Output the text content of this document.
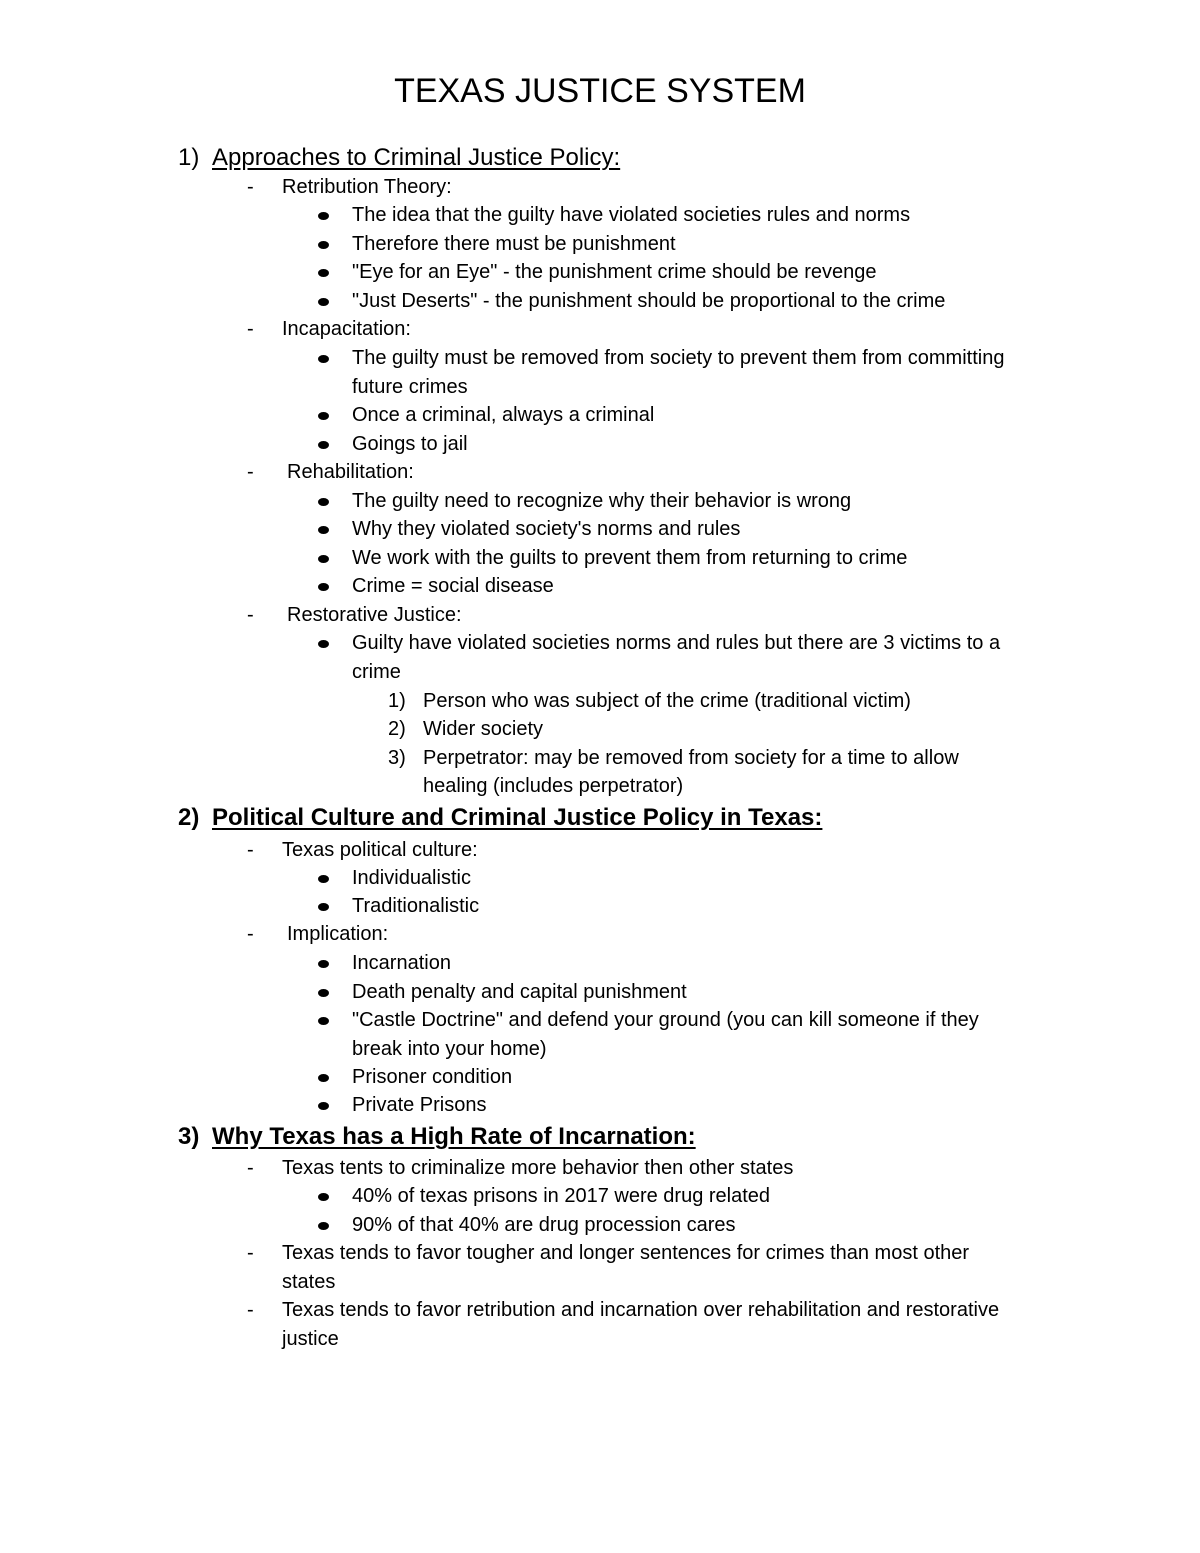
TEXAS JUSTICE SYSTEM
1) Approaches to Criminal Justice Policy:
- Retribution Theory:
The idea that the guilty have violated societies rules and norms
Therefore there must be punishment
"Eye for an Eye" - the punishment crime should be revenge
"Just Deserts" - the punishment should be proportional to the crime
- Incapacitation:
The guilty must be removed from society to prevent them from committing
future crimes
Once a criminal, always a criminal
Goings to jail
- Rehabilitation:
The guilty need to recognize why their behavior is wrong
Why they violated society's norms and rules
We work with the guilts to prevent them from returning to crime
Crime = social disease
- Restorative Justice:
Guilty have violated societies norms and rules but there are 3 victims to a
crime
1) Person who was subject of the crime (traditional victim)
2) Wider society
3) Perpetrator: may be removed from society for a time to allow
healing (includes perpetrator)
2) Political Culture and Criminal Justice Policy in Texas:
- Texas political culture:
Individualistic
Traditionalistic
- Implication:
Incarnation
Death penalty and capital punishment
"Castle Doctrine" and defend your ground (you can kill someone if they
break into your home)
Prisoner condition
Private Prisons
3) Why Texas has a High Rate of Incarnation:
- Texas tents to criminalize more behavior then other states
40% of texas prisons in 2017 were drug related
90% of that 40% are drug procession cares
- Texas tends to favor tougher and longer sentences for crimes than most other
states
- Texas tends to favor retribution and incarnation over rehabilitation and restorative
justice
